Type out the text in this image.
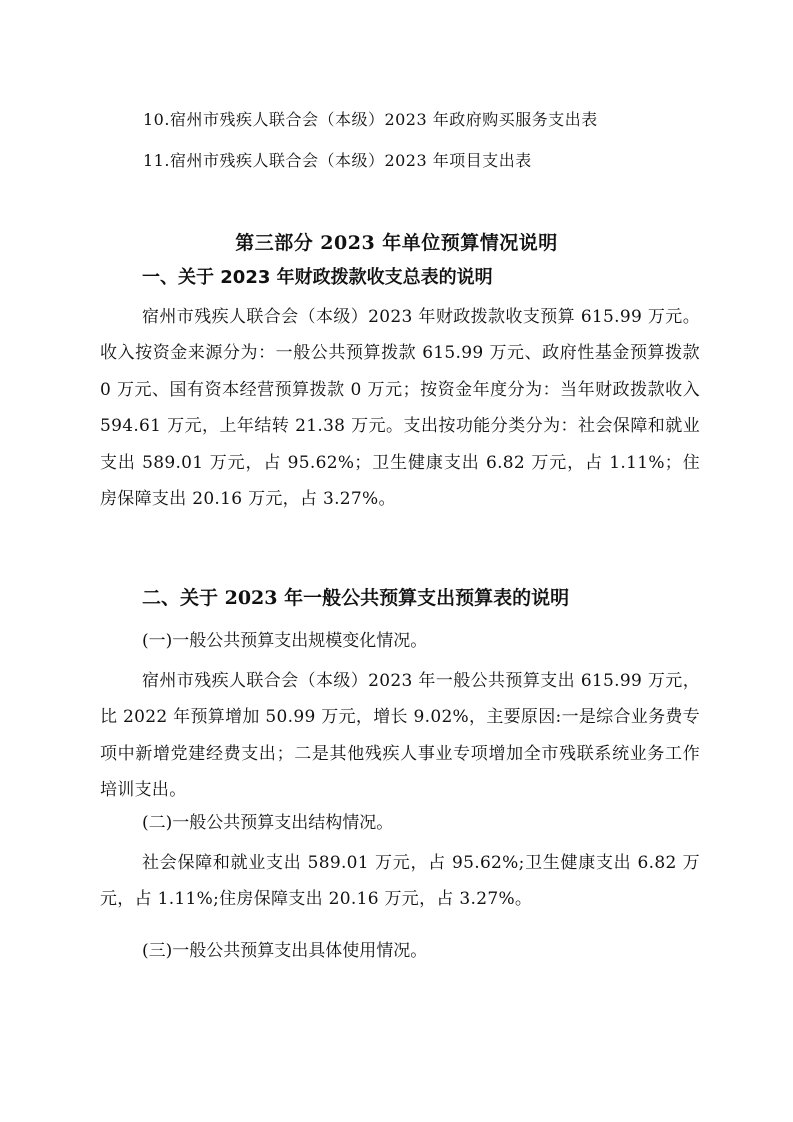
10.宿州市残疾人联合会（本级）2023 年政府购买服务支出表
11.宿州市残疾人联合会（本级）2023 年项目支出表
第三部分 2023 年单位预算情况说明
一、关于 2023 年财政拨款收支总表的说明
宿州市残疾人联合会（本级）2023 年财政拨款收支预算 615.99 万元。收入按资金来源分为：一般公共预算拨款 615.99 万元、政府性基金预算拨款 0 万元、国有资本经营预算拨款 0 万元；按资金年度分为：当年财政拨款收入 594.61 万元，上年结转 21.38 万元。支出按功能分类分为：社会保障和就业支出 589.01 万元，占 95.62%；卫生健康支出 6.82 万元，占 1.11%；住房保障支出 20.16 万元，占 3.27%。
二、关于 2023 年一般公共预算支出预算表的说明
(一)一般公共预算支出规模变化情况。
宿州市残疾人联合会（本级）2023 年一般公共预算支出 615.99 万元，比 2022 年预算增加 50.99 万元，增长 9.02%，主要原因:一是综合业务费专项中新增党建经费支出；二是其他残疾人事业专项增加全市残联系统业务工作培训支出。
(二)一般公共预算支出结构情况。
社会保障和就业支出 589.01 万元，占 95.62%;卫生健康支出 6.82 万元，占 1.11%;住房保障支出 20.16 万元，占 3.27%。
(三)一般公共预算支出具体使用情况。
